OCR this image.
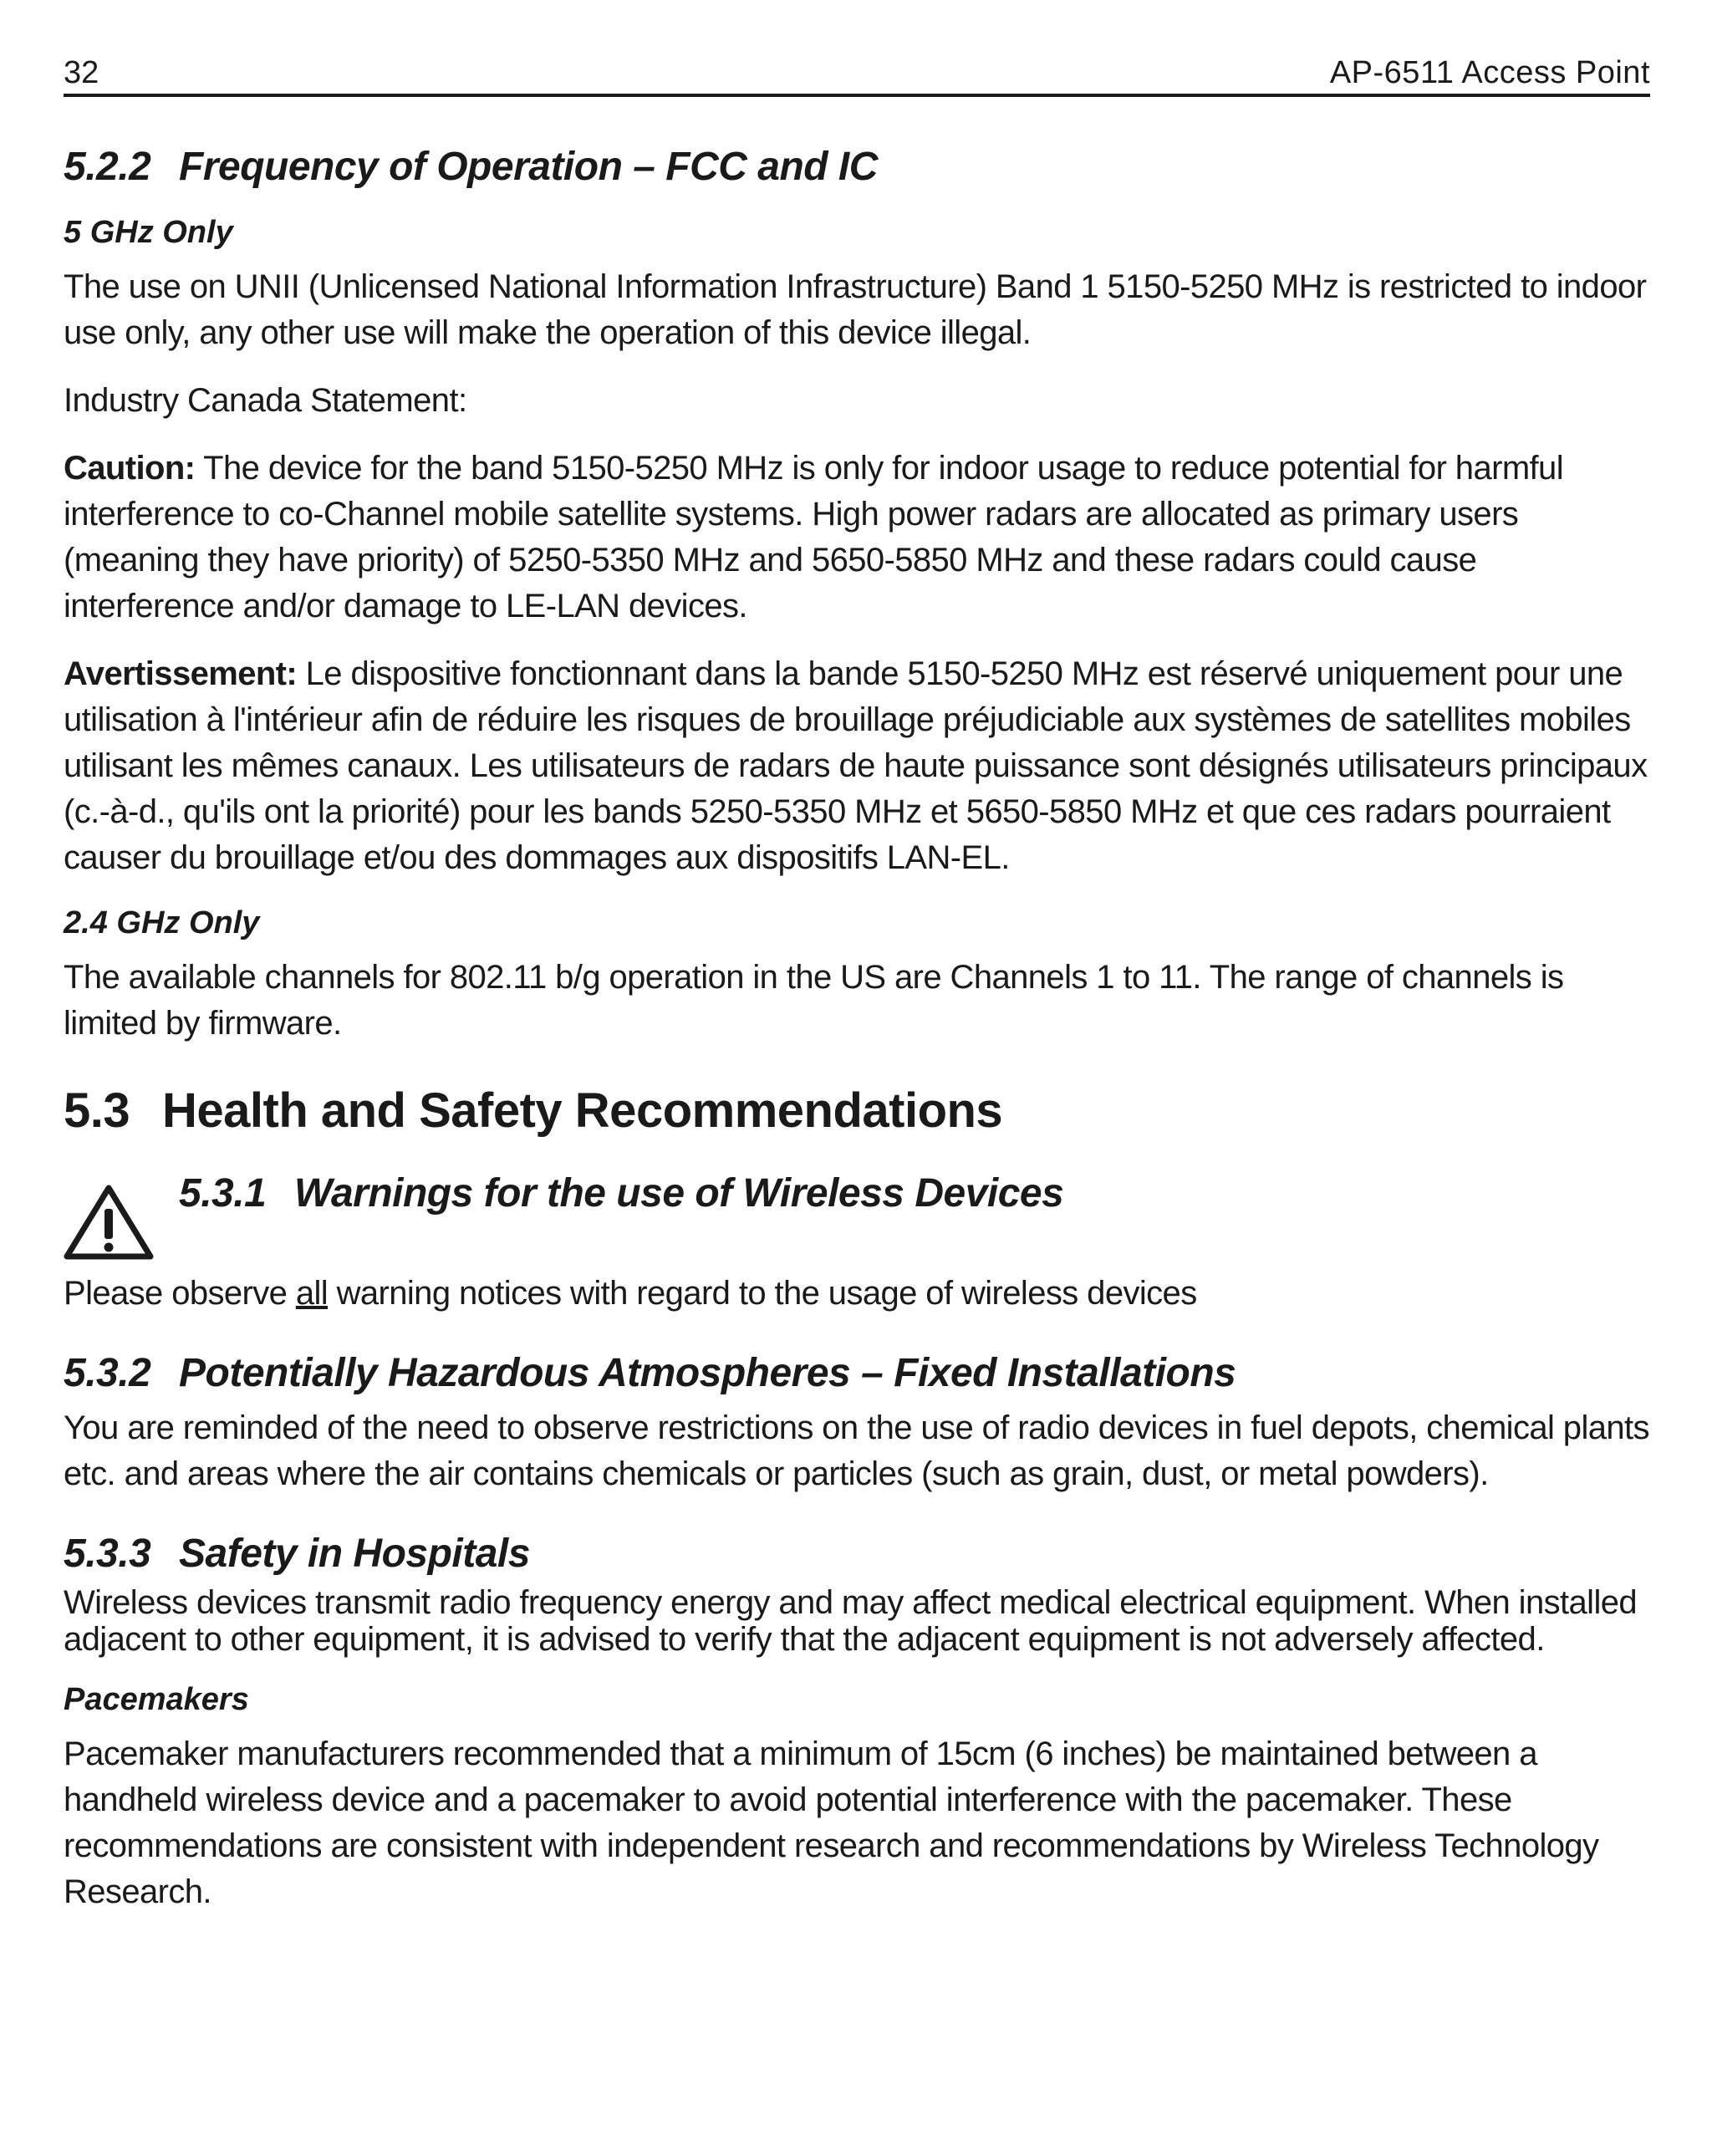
32	AP-6511 Access Point
5.2.2 Frequency of Operation – FCC and IC
5 GHz Only

The use on UNII (Unlicensed National Information Infrastructure) Band 1 5150-5250 MHz is restricted to indoor use only, any other use will make the operation of this device illegal.

Industry Canada Statement:

Caution: The device for the band 5150-5250 MHz is only for indoor usage to reduce potential for harmful interference to co-Channel mobile satellite systems. High power radars are allocated as primary users (meaning they have priority) of 5250-5350 MHz and 5650-5850 MHz and these radars could cause interference and/or damage to LE-LAN devices.

Avertissement: Le dispositive fonctionnant dans la bande 5150-5250 MHz est réservé uniquement pour une utilisation à l'intérieur afin de réduire les risques de brouillage préjudiciable aux systèmes de satellites mobiles utilisant les mêmes canaux. Les utilisateurs de radars de haute puissance sont désignés utilisateurs principaux (c.-à-d., qu'ils ont la priorité) pour les bands 5250-5350 MHz et 5650-5850 MHz et que ces radars pourraient causer du brouillage et/ou des dommages aux dispositifs LAN-EL.

2.4 GHz Only

The available channels for 802.11 b/g operation in the US are Channels 1 to 11. The range of channels is limited by firmware.

5.3 Health and Safety Recommendations
5.3.1 Warnings for the use of Wireless Devices

Please observe all warning notices with regard to the usage of wireless devices

5.3.2 Potentially Hazardous Atmospheres – Fixed Installations

You are reminded of the need to observe restrictions on the use of radio devices in fuel depots, chemical plants etc. and areas where the air contains chemicals or particles (such as grain, dust, or metal powders).

5.3.3 Safety in Hospitals

Wireless devices transmit radio frequency energy and may affect medical electrical equipment. When installed adjacent to other equipment, it is advised to verify that the adjacent equipment is not adversely affected.

Pacemakers

Pacemaker manufacturers recommended that a minimum of 15cm (6 inches) be maintained between a handheld wireless device and a pacemaker to avoid potential interference with the pacemaker. These recommendations are consistent with independent research and recommendations by Wireless Technology Research.
